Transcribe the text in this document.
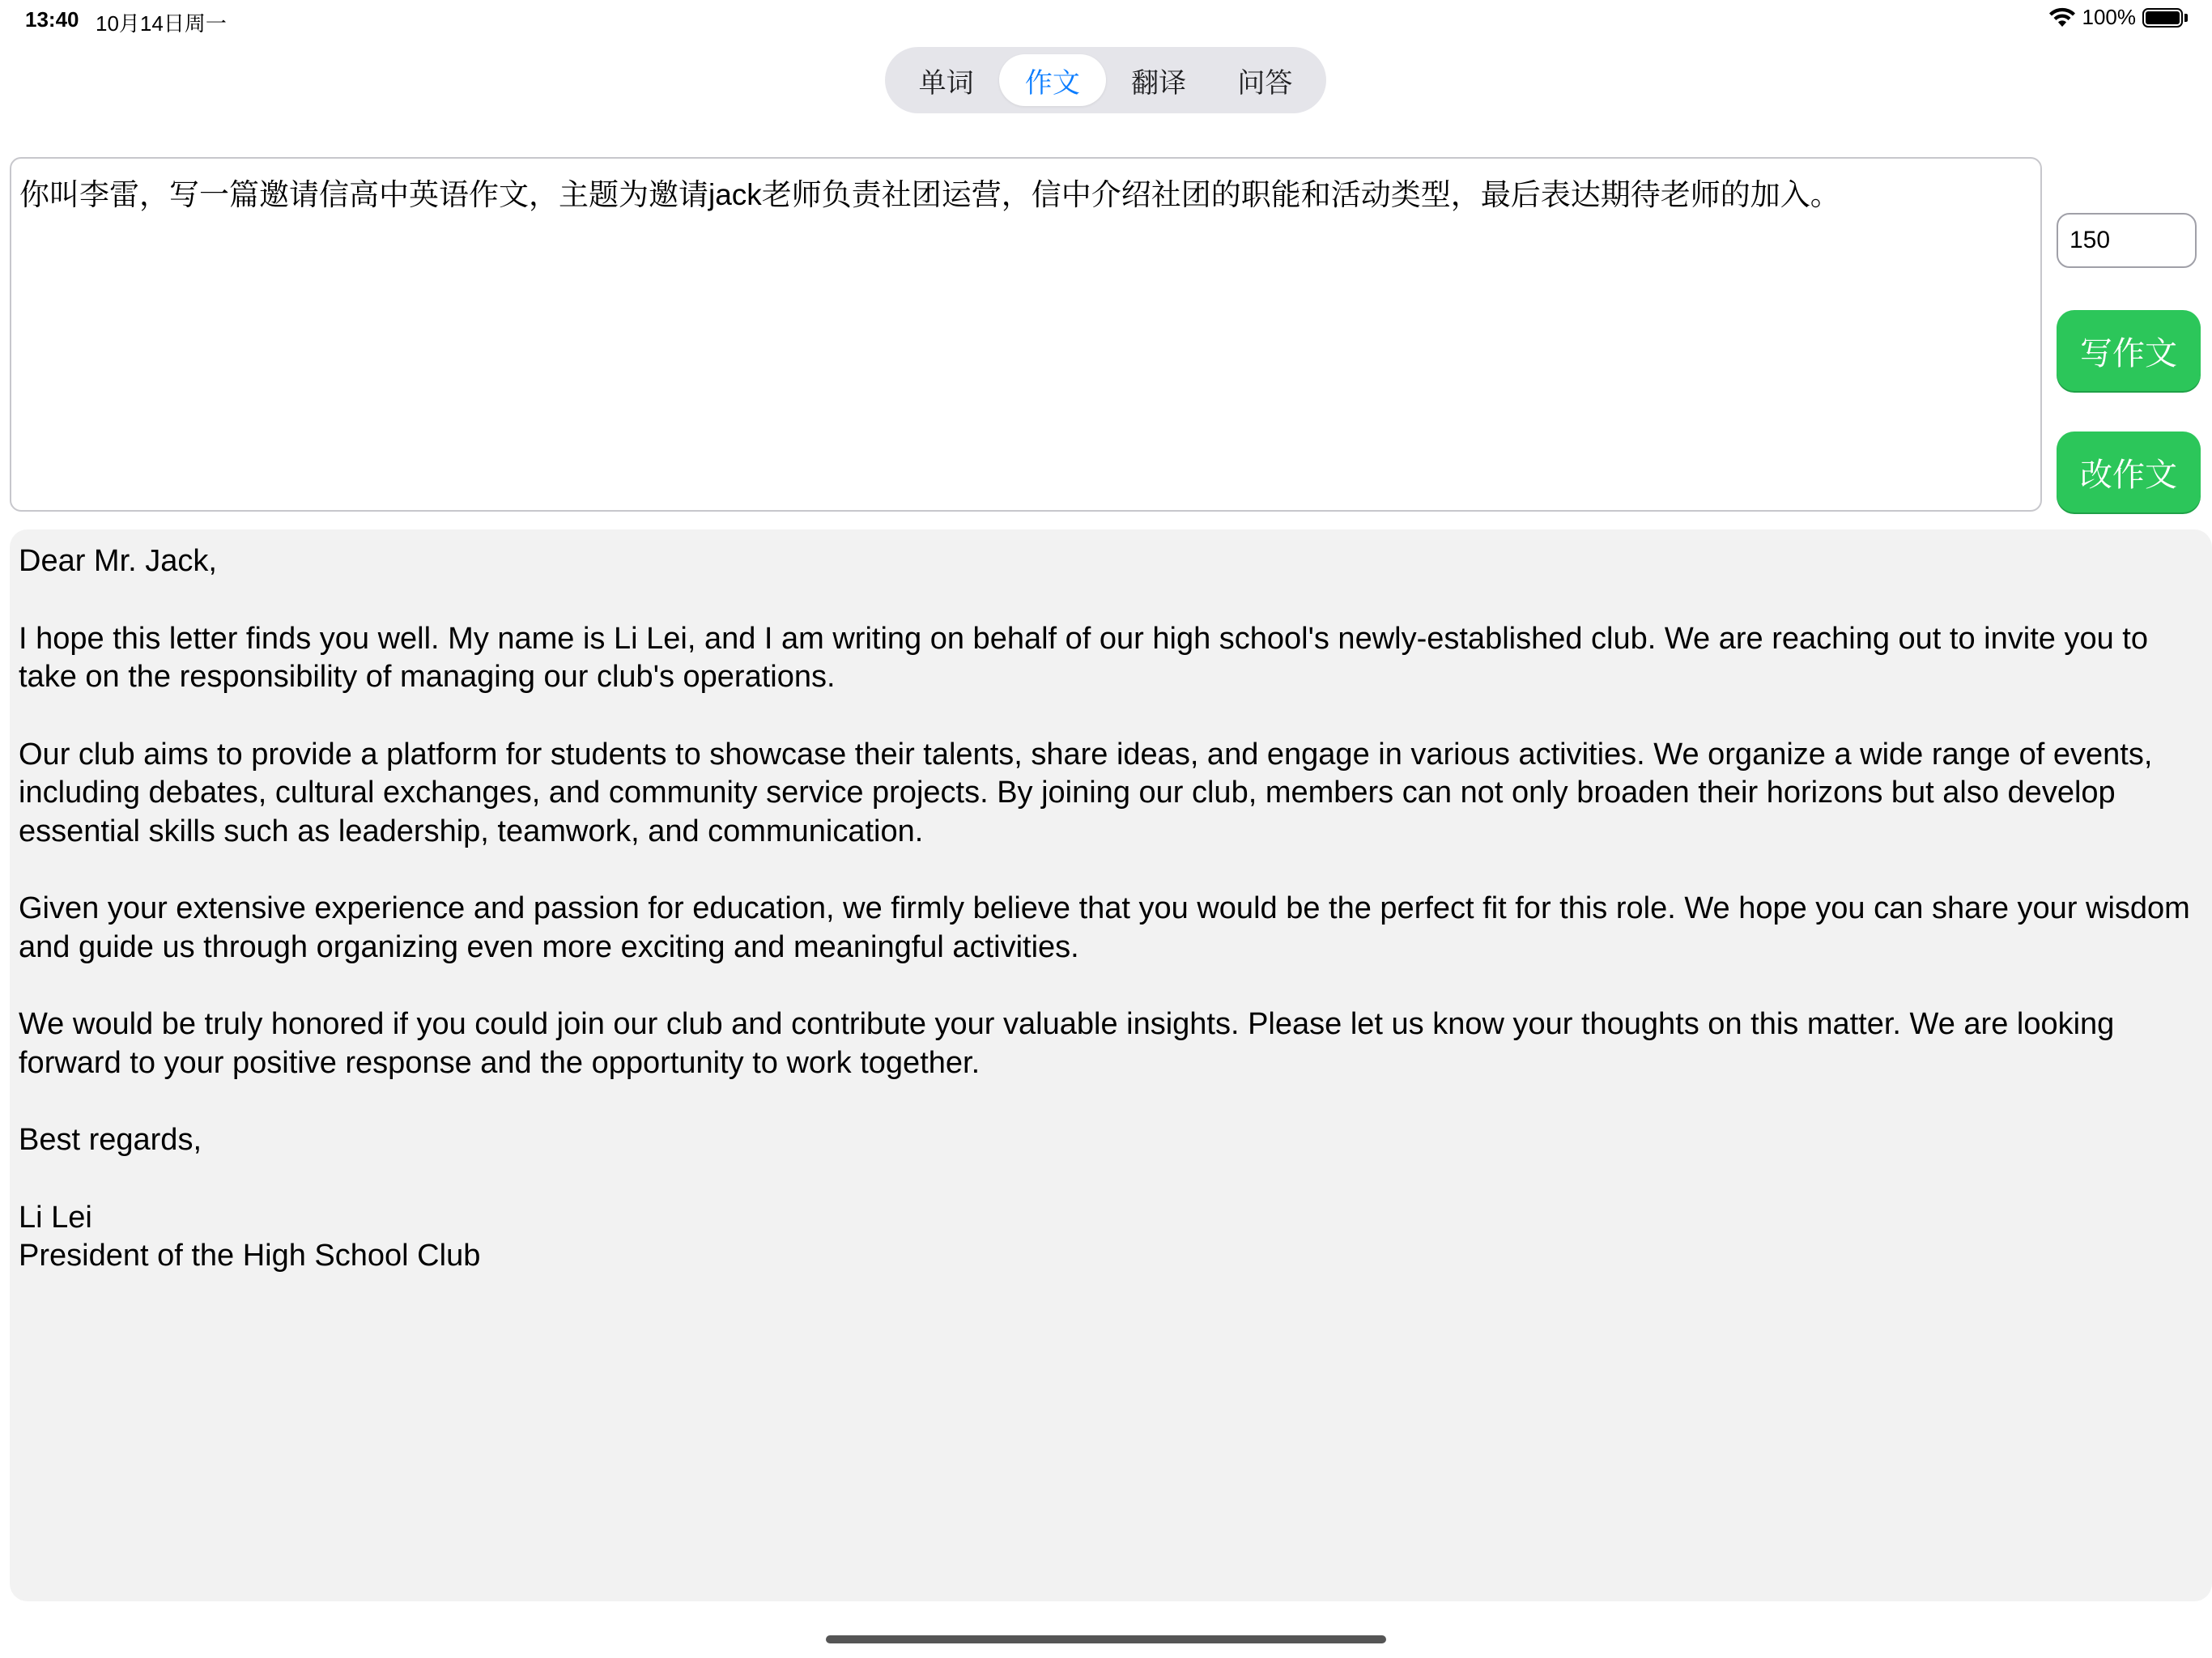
13:40 10月14日周一	100%
单词	作文	翻译	问答
你叫李雷，写一篇邀请信高中英语作文，主题为邀请jack老师负责社团运营，信中介绍社团的职能和活动类型，最后表达期待老师的加入。
150
写作文
改作文

Dear Mr. Jack,

I hope this letter finds you well. My name is Li Lei, and I am writing on behalf of our high school's newly-established club. We are reaching out to invite you to take on the responsibility of managing our club's operations.

Our club aims to provide a platform for students to showcase their talents, share ideas, and engage in various activities. We organize a wide range of events, including debates, cultural exchanges, and community service projects. By joining our club, members can not only broaden their horizons but also develop essential skills such as leadership, teamwork, and communication.

Given your extensive experience and passion for education, we firmly believe that you would be the perfect fit for this role. We hope you can share your wisdom and guide us through organizing even more exciting and meaningful activities.

We would be truly honored if you could join our club and contribute your valuable insights. Please let us know your thoughts on this matter. We are looking forward to your positive response and the opportunity to work together.

Best regards,

Li Lei

President of the High School Club
